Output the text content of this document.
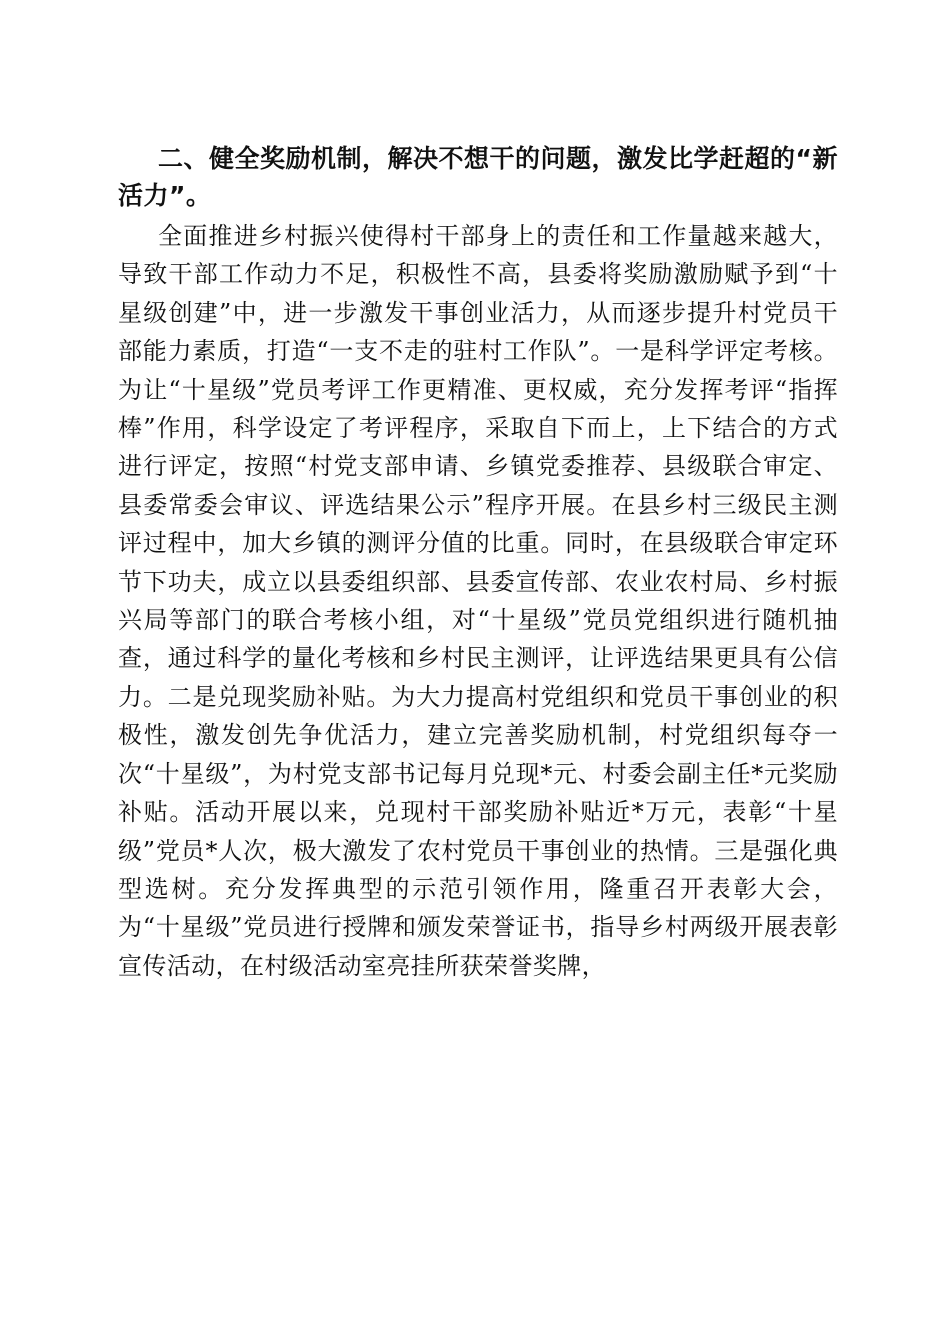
二、健全奖励机制，解决不想干的问题，激发比学赶超的“新活力”。

全面推进乡村振兴使得村干部身上的责任和工作量越来越大，导致干部工作动力不足，积极性不高，县委将奖励激励赋予到“十星级创建”中，进一步激发干事创业活力，从而逐步提升村党员干部能力素质，打造“一支不走的驻村工作队”。一是科学评定考核。为让“十星级”党员考评工作更精准、更权威，充分发挥考评“指挥棒”作用，科学设定了考评程序，采取自下而上，上下结合的方式进行评定，按照“村党支部申请、乡镇党委推荐、县级联合审定、县委常委会审议、评选结果公示”程序开展。在县乡村三级民主测评过程中，加大乡镇的测评分值的比重。同时，在县级联合审定环节下功夫，成立以县委组织部、县委宣传部、农业农村局、乡村振兴局等部门的联合考核小组，对“十星级”党员党组织进行随机抽查，通过科学的量化考核和乡村民主测评，让评选结果更具有公信力。二是兑现奖励补贴。为大力提高村党组织和党员干事创业的积极性，激发创先争优活力，建立完善奖励机制，村党组织每夺一次“十星级”，为村党支部书记每月兑现*元、村委会副主任*元奖励补贴。活动开展以来，兑现村干部奖励补贴近*万元，表彰“十星级”党员*人次，极大激发了农村党员干事创业的热情。三是强化典型选树。充分发挥典型的示范引领作用，隆重召开表彰大会，为“十星级”党员进行授牌和颁发荣誉证书，指导乡村两级开展表彰宣传活动，在村级活动室亮挂所获荣誉奖牌，
